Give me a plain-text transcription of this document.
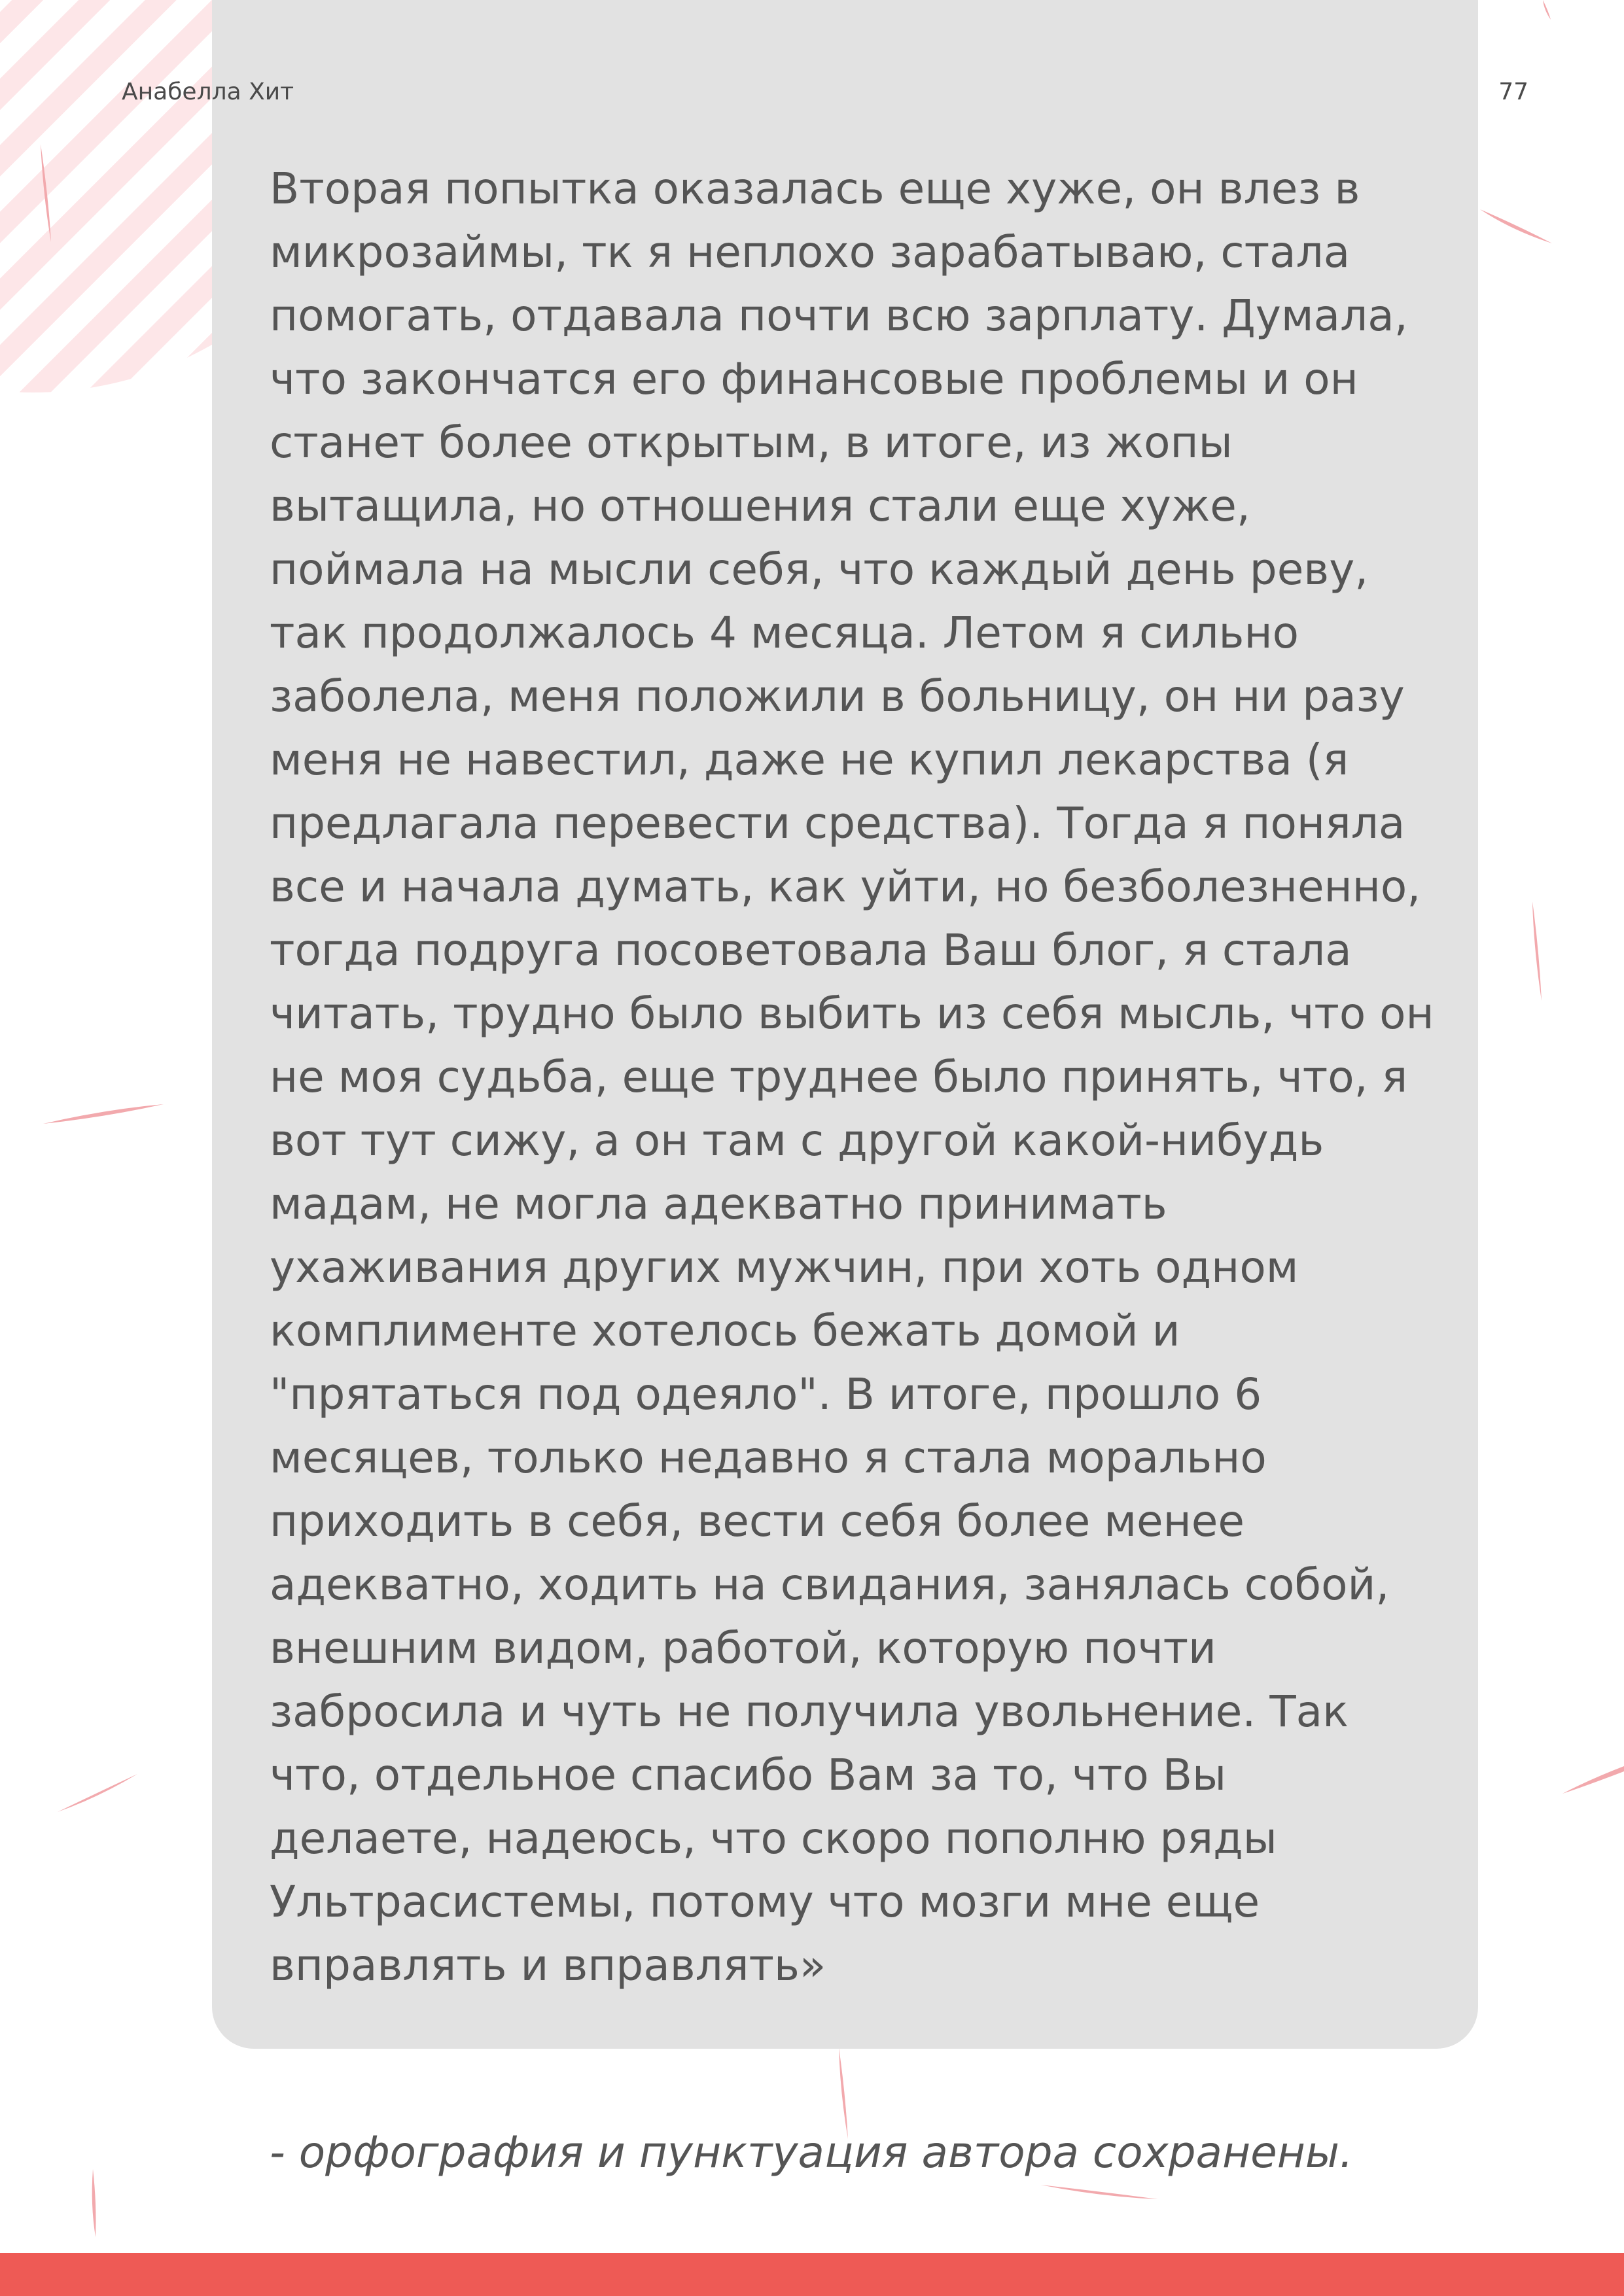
Анабелла Хит	77

Вторая попытка оказалась еще хуже, он влез в микрозаймы, тк я неплохо зарабатываю, стала помогать, отдавала почти всю зарплату. Думала, что закончатся его финансовые проблемы и он станет более открытым, в итоге, из жопы вытащила, но отношения стали еще хуже, поймала на мысли себя, что каждый день реву, так продолжалось 4 месяца. Летом я сильно заболела, меня положили в больницу, он ни разу меня не навестил, даже не купил лекарства (я предлагала перевести средства). Тогда я поняла все и начала думать, как уйти, но безболезненно, тогда подруга посоветовала Ваш блог, я стала читать, трудно было выбить из себя мысль, что он не моя судьба, еще труднее было принять, что, я вот тут сижу, а он там с другой какой-нибудь мадам, не могла адекватно принимать ухаживания других мужчин, при хоть одном комплименте хотелось бежать домой и "прятаться под одеяло". В итоге, прошло 6 месяцев, только недавно я стала морально приходить в себя, вести себя более менее адекватно, ходить на свидания, занялась собой, внешним видом, работой, которую почти забросила и чуть не получила увольнение. Так что, отдельное спасибо Вам за то, что Вы делаете, надеюсь, что скоро пополню ряды Ультрасистемы, потому что мозги мне еще вправлять и вправлять»

- орфография и пунктуация автора сохранены.
